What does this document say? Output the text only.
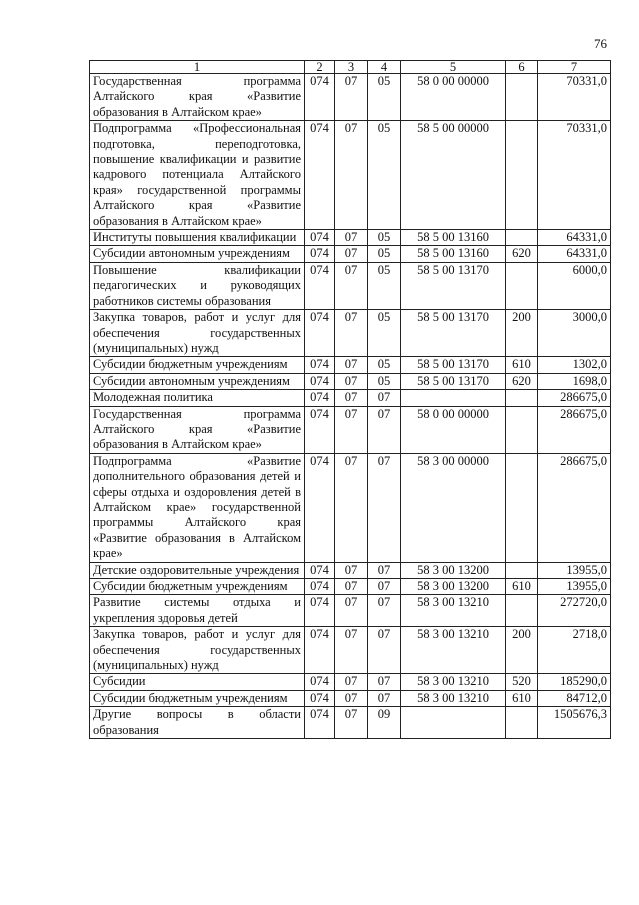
76
1	2	3	4	5	6	7
Государственная программа Алтайского края «Развитие образования в Алтайском крае»	074	07	05	58 0 00 00000		70331,0
Подпрограмма «Профессиональная подготовка, переподготовка, повышение квалификации и развитие кадрового потенциала Алтайского края» государственной программы Алтайского края «Развитие образования в Алтайском крае»	074	07	05	58 5 00 00000		70331,0
Институты повышения квалификации	074	07	05	58 5 00 13160		64331,0
Субсидии автономным учреждениям	074	07	05	58 5 00 13160	620	64331,0
Повышение квалификации педагогических и руководящих работников системы образования	074	07	05	58 5 00 13170		6000,0
Закупка товаров, работ и услуг для обеспечения государственных (муниципальных) нужд	074	07	05	58 5 00 13170	200	3000,0
Субсидии бюджетным учреждениям	074	07	05	58 5 00 13170	610	1302,0
Субсидии автономным учреждениям	074	07	05	58 5 00 13170	620	1698,0
Молодежная политика	074	07	07			286675,0
Государственная программа Алтайского края «Развитие образования в Алтайском крае»	074	07	07	58 0 00 00000		286675,0
Подпрограмма «Развитие дополнительного образования детей и сферы отдыха и оздоровления детей в Алтайском крае» государственной программы Алтайского края «Развитие образования в Алтайском крае»	074	07	07	58 3 00 00000		286675,0
Детские оздоровительные учреждения	074	07	07	58 3 00 13200		13955,0
Субсидии бюджетным учреждениям	074	07	07	58 3 00 13200	610	13955,0
Развитие системы отдыха и укрепления здоровья детей	074	07	07	58 3 00 13210		272720,0
Закупка товаров, работ и услуг для обеспечения государственных (муниципальных) нужд	074	07	07	58 3 00 13210	200	2718,0
Субсидии	074	07	07	58 3 00 13210	520	185290,0
Субсидии бюджетным учреждениям	074	07	07	58 3 00 13210	610	84712,0
Другие вопросы в области образования	074	07	09			1505676,3
